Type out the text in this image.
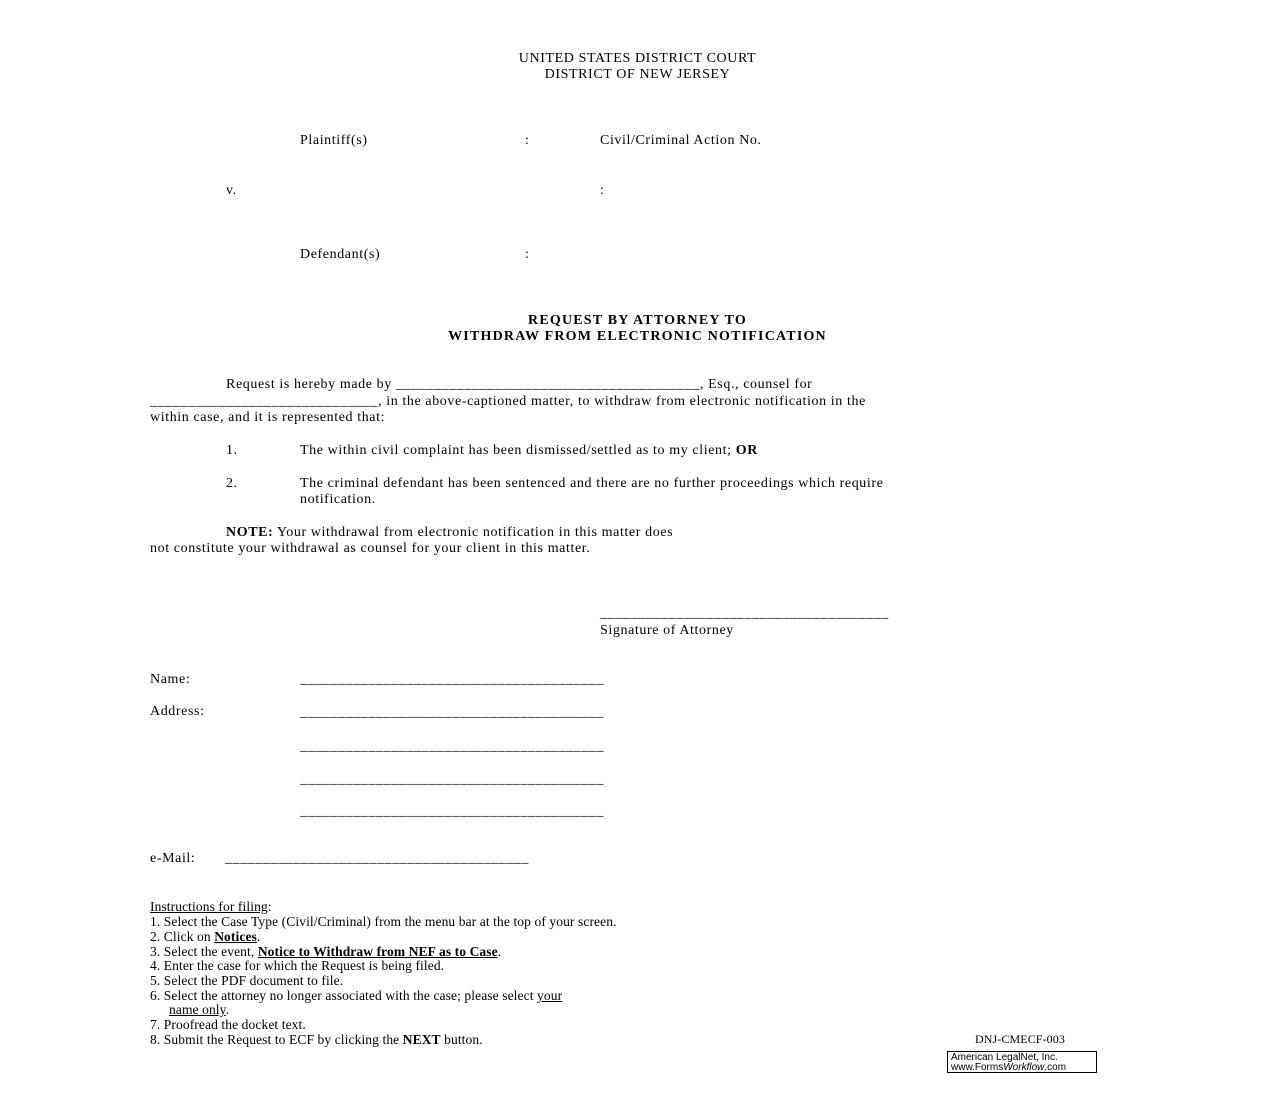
UNITED STATES DISTRICT COURT
DISTRICT OF NEW JERSEY
Plaintiff(s)	:	Civil/Criminal Action No.
v.	:
Defendant(s)	:
REQUEST BY ATTORNEY TO
WITHDRAW FROM ELECTRONIC NOTIFICATION
Request is hereby made by ________________________________________, Esq., counsel for
______________________________, in the above-captioned matter, to withdraw from electronic notification in the
within case, and it is represented that:
1.	The within civil complaint has been dismissed/settled as to my client; OR
2.	The criminal defendant has been sentenced and there are no further proceedings which require
notification.
NOTE: Your withdrawal from electronic notification in this matter does
not constitute your withdrawal as counsel for your client in this matter.
______________________________________
Signature of Attorney
Name:	________________________________________
Address:	________________________________________
________________________________________
________________________________________
________________________________________
e-Mail: ________________________________________
Instructions for filing:
1. Select the Case Type (Civil/Criminal) from the menu bar at the top of your screen.
2. Click on Notices.
3. Select the event, Notice to Withdraw from NEF as to Case.
4. Enter the case for which the Request is being filed.
5. Select the PDF document to file.
6. Select the attorney no longer associated with the case; please select your
name only.
7. Proofread the docket text.
8. Submit the Request to ECF by clicking the NEXT button.	DNJ-CMECF-003
American LegalNet, Inc.
www.FormsWorkflow.com
